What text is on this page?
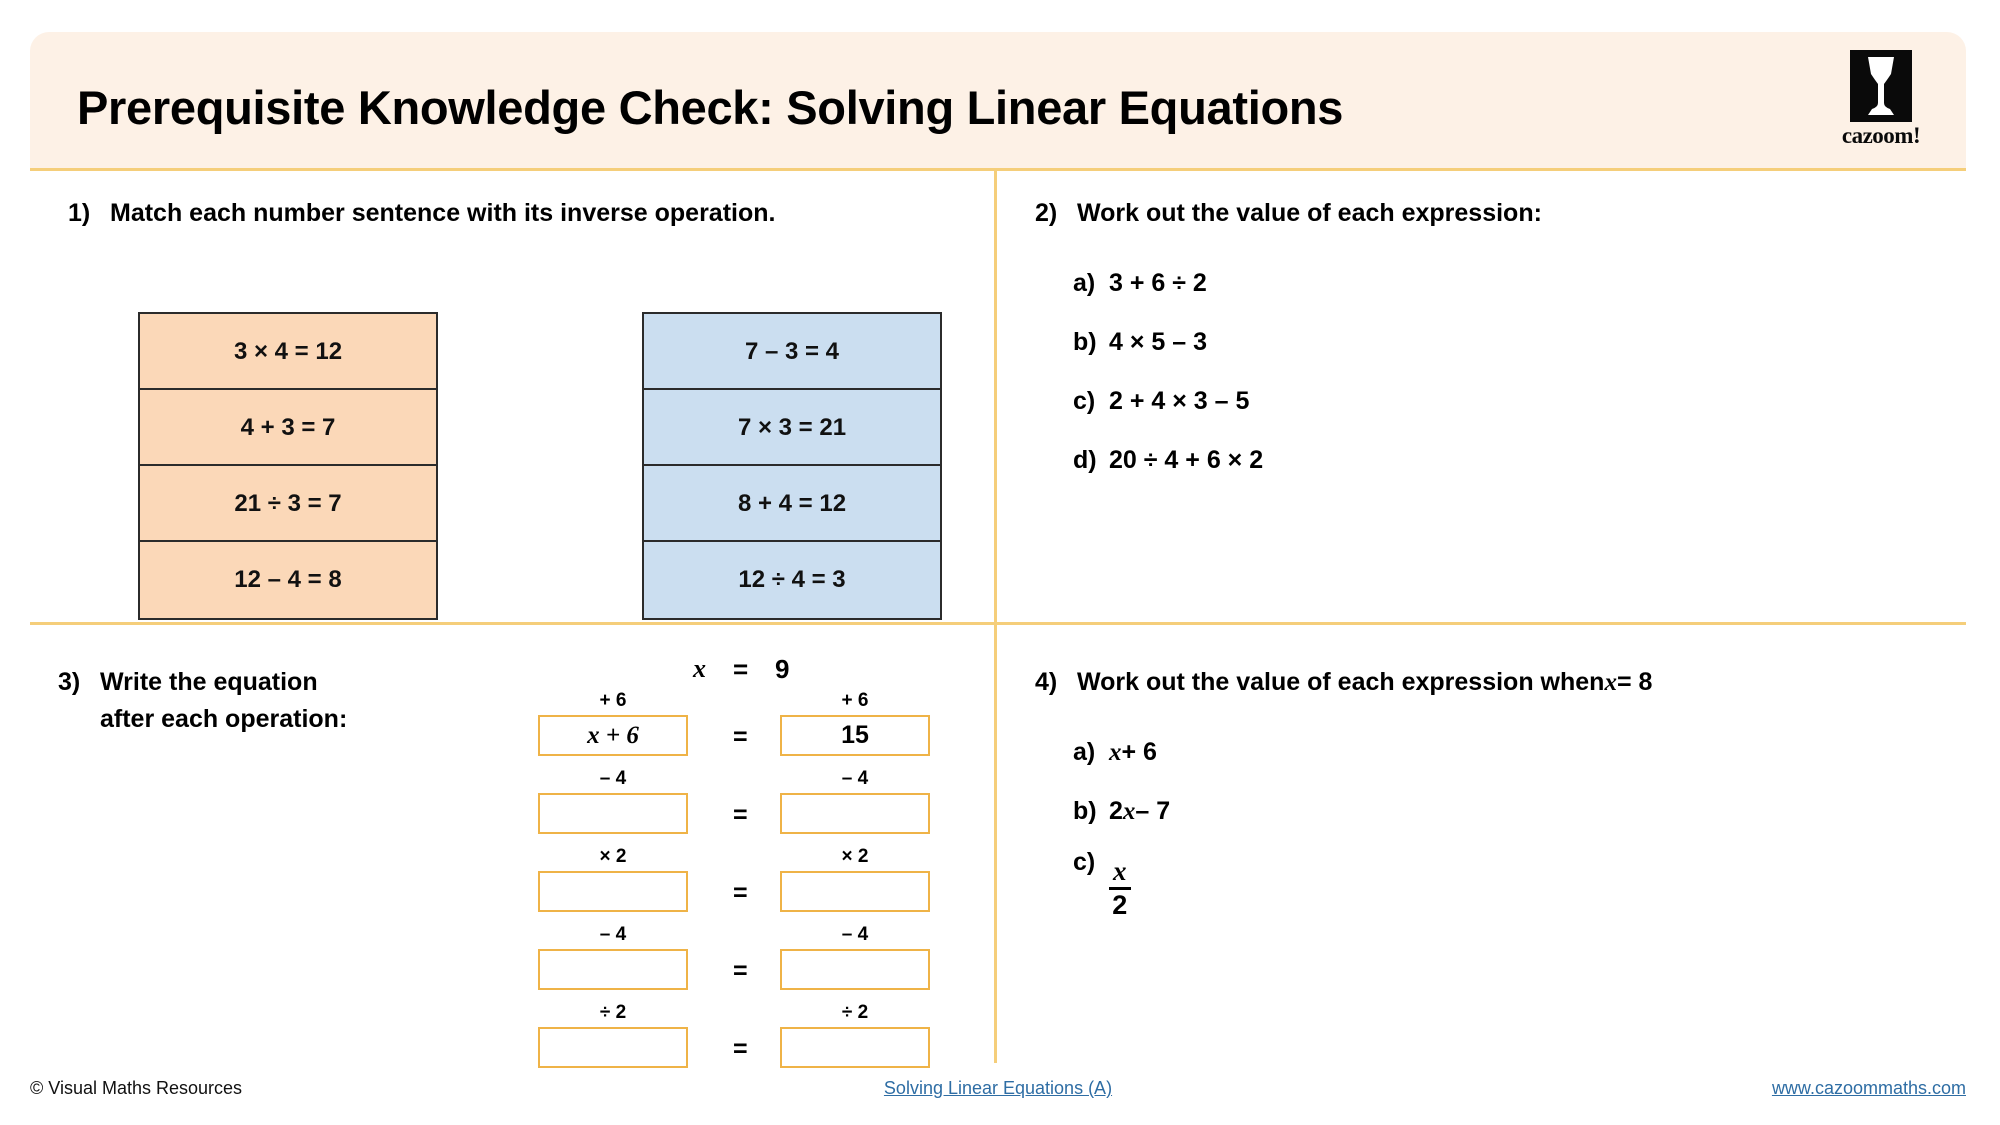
Prerequisite Knowledge Check: Solving Linear Equations
cazoom!
1) Match each number sentence with its inverse operation.
3 × 4 = 12
4 + 3 = 7
21 ÷ 3 = 7
12 – 4 = 8
7 – 3 = 4
7 × 3 = 21
8 + 4 = 12
12 ÷ 4 = 3
2) Work out the value of each expression:
a) 3 + 6 ÷ 2
b) 4 × 5 – 3
c) 2 + 4 × 3 – 5
d) 20 ÷ 4 + 6 × 2
3) Write the equation
after each operation:
x = 9
+ 6	+ 6
x + 6	=	15
– 4	– 4
=
× 2	× 2
=
– 4	– 4
=
÷ 2	÷ 2
=
4) Work out the value of each expression when x = 8
a) x + 6
b) 2 x – 7
$c) \frac{x}{2}$
© Visual Maths Resources	Solving Linear Equations (A)	www.cazoommaths.com
